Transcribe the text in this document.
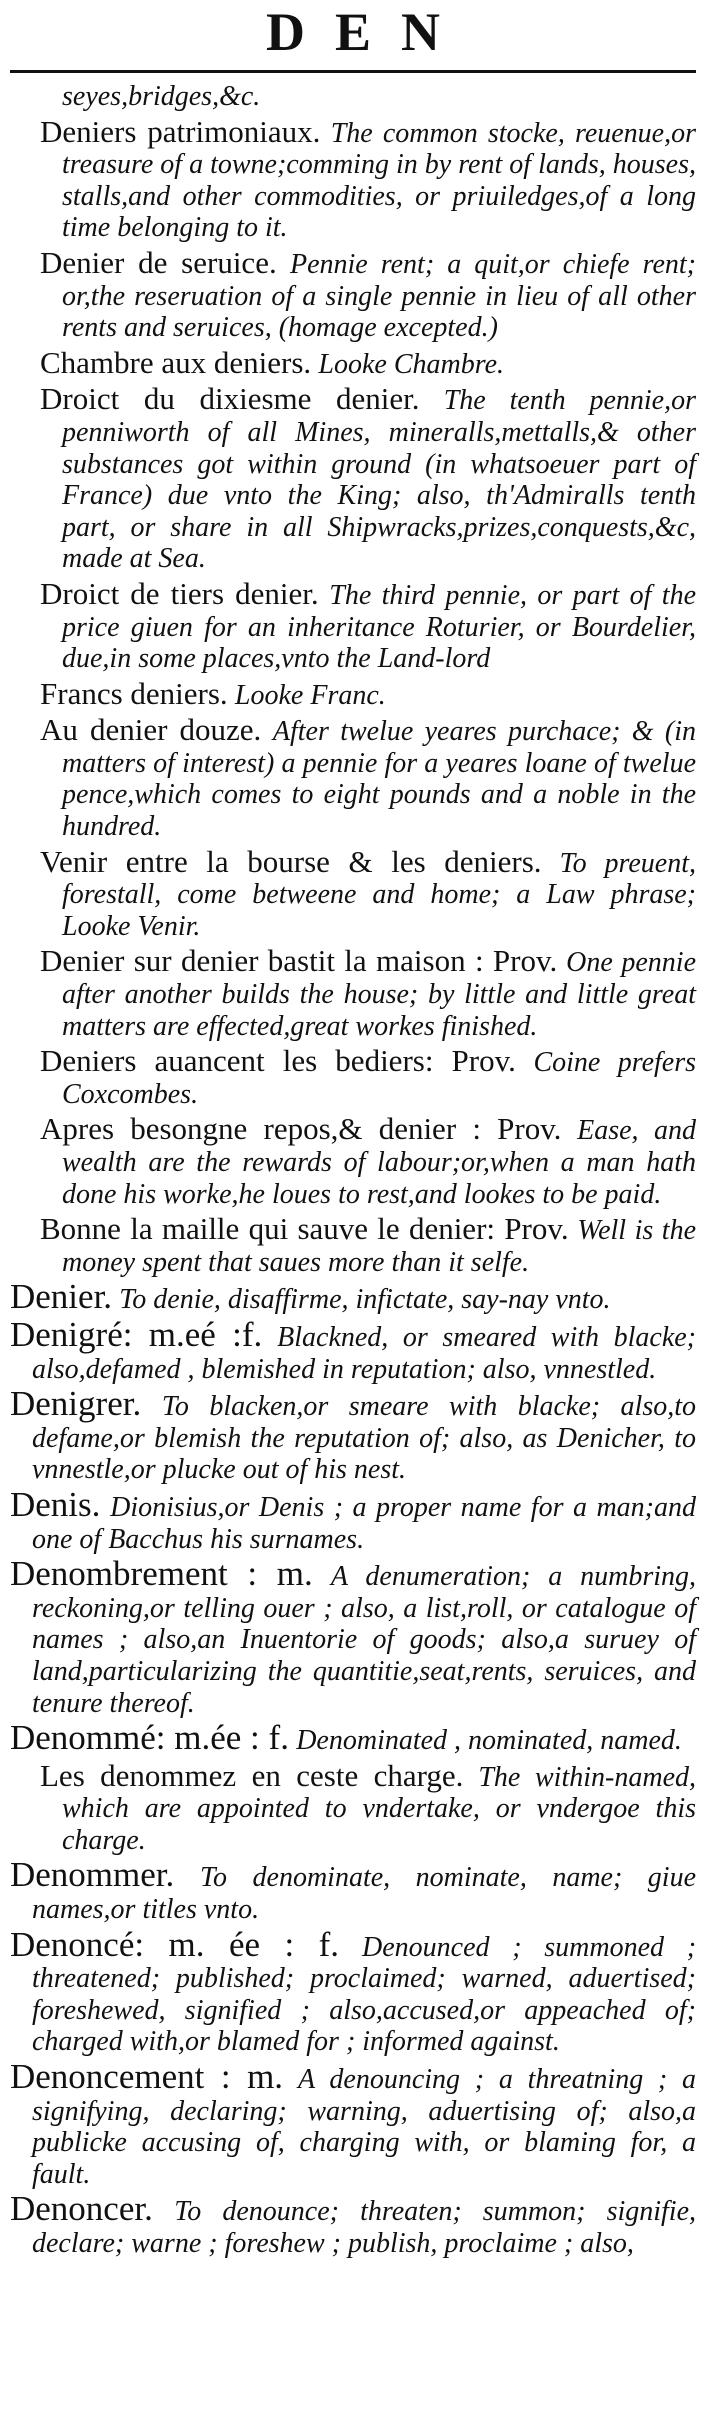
DEN

seyes,bridges,&c.

Deniers patrimoniaux. The common stocke, reuenue,or treasure of a towne;comming in by rent of lands, houses, stalls,and other commodities, or priuiledges,of a long time belonging to it.

Denier de seruice. Pennie rent; a quit,or chiefe rent; or,the reseruation of a single pennie in lieu of all other rents and seruices, (homage excepted.)

Chambre aux deniers. Looke Chambre.

Droict du dixiesme denier. The tenth pennie,or penniworth of all Mines, mineralls,mettalls,& other substances got within ground (in whatsoeuer part of France) due vnto the King; also, th'Admiralls tenth part, or share in all Shipwracks,prizes,conquests,&c, made at Sea.

Droict de tiers denier. The third pennie, or part of the price giuen for an inheritance Roturier, or Bourdelier, due,in some places,vnto the Land-lord

Francs deniers. Looke Franc.

Au denier douze. After twelue yeares purchace; & (in matters of interest) a pennie for a yeares loane of twelue pence,which comes to eight pounds and a noble in the hundred.

Venir entre la bourse & les deniers. To preuent, forestall, come betweene and home; a Law phrase; Looke Venir.

Denier sur denier bastit la maison : Prov. One pennie after another builds the house; by little and little great matters are effected,great workes finished.

Deniers auancent les bediers: Prov. Coine prefers Coxcombes.

Apres besongne repos,& denier : Prov. Ease, and wealth are the rewards of labour;or,when a man hath done his worke,he loues to rest,and lookes to be paid.

Bonne la maille qui sauve le denier: Prov. Well is the money spent that saues more than it selfe.

Denier. To denie, disaffirme, infictate, say-nay vnto.

Denigré: m.eé :f. Blackned, or smeared with blacke; also,defamed , blemished in reputation; also, vnnestled.

Denigrer. To blacken,or smeare with blacke; also,to defame,or blemish the reputation of; also, as Denicher, to vnnestle,or plucke out of his nest.

Denis. Dionisius,or Denis ; a proper name for a man;and one of Bacchus his surnames.

Denombrement : m. A denumeration; a numbring, reckoning,or telling ouer ; also, a list,roll, or catalogue of names ; also,an Inuentorie of goods; also,a suruey of land,particularizing the quantitie,seat,rents, seruices, and tenure thereof.

Denommé: m.ée : f. Denominated , nominated, named.

Les denommez en ceste charge. The within-named, which are appointed to vndertake, or vndergoe this charge.

Denommer. To denominate, nominate, name; giue names,or titles vnto.

Denoncé: m. ée : f. Denounced ; summoned ; threatened; published; proclaimed; warned, aduertised; foreshewed, signified ; also,accused,or appeached of; charged with,or blamed for ; informed against.

Denoncement : m. A denouncing ; a threatning ; a signifying, declaring; warning, aduertising of; also,a publicke accusing of, charging with, or blaming for, a fault.

Denoncer. To denounce; threaten; summon; signifie, declare; warne ; foreshew ; publish, proclaime ; also,
